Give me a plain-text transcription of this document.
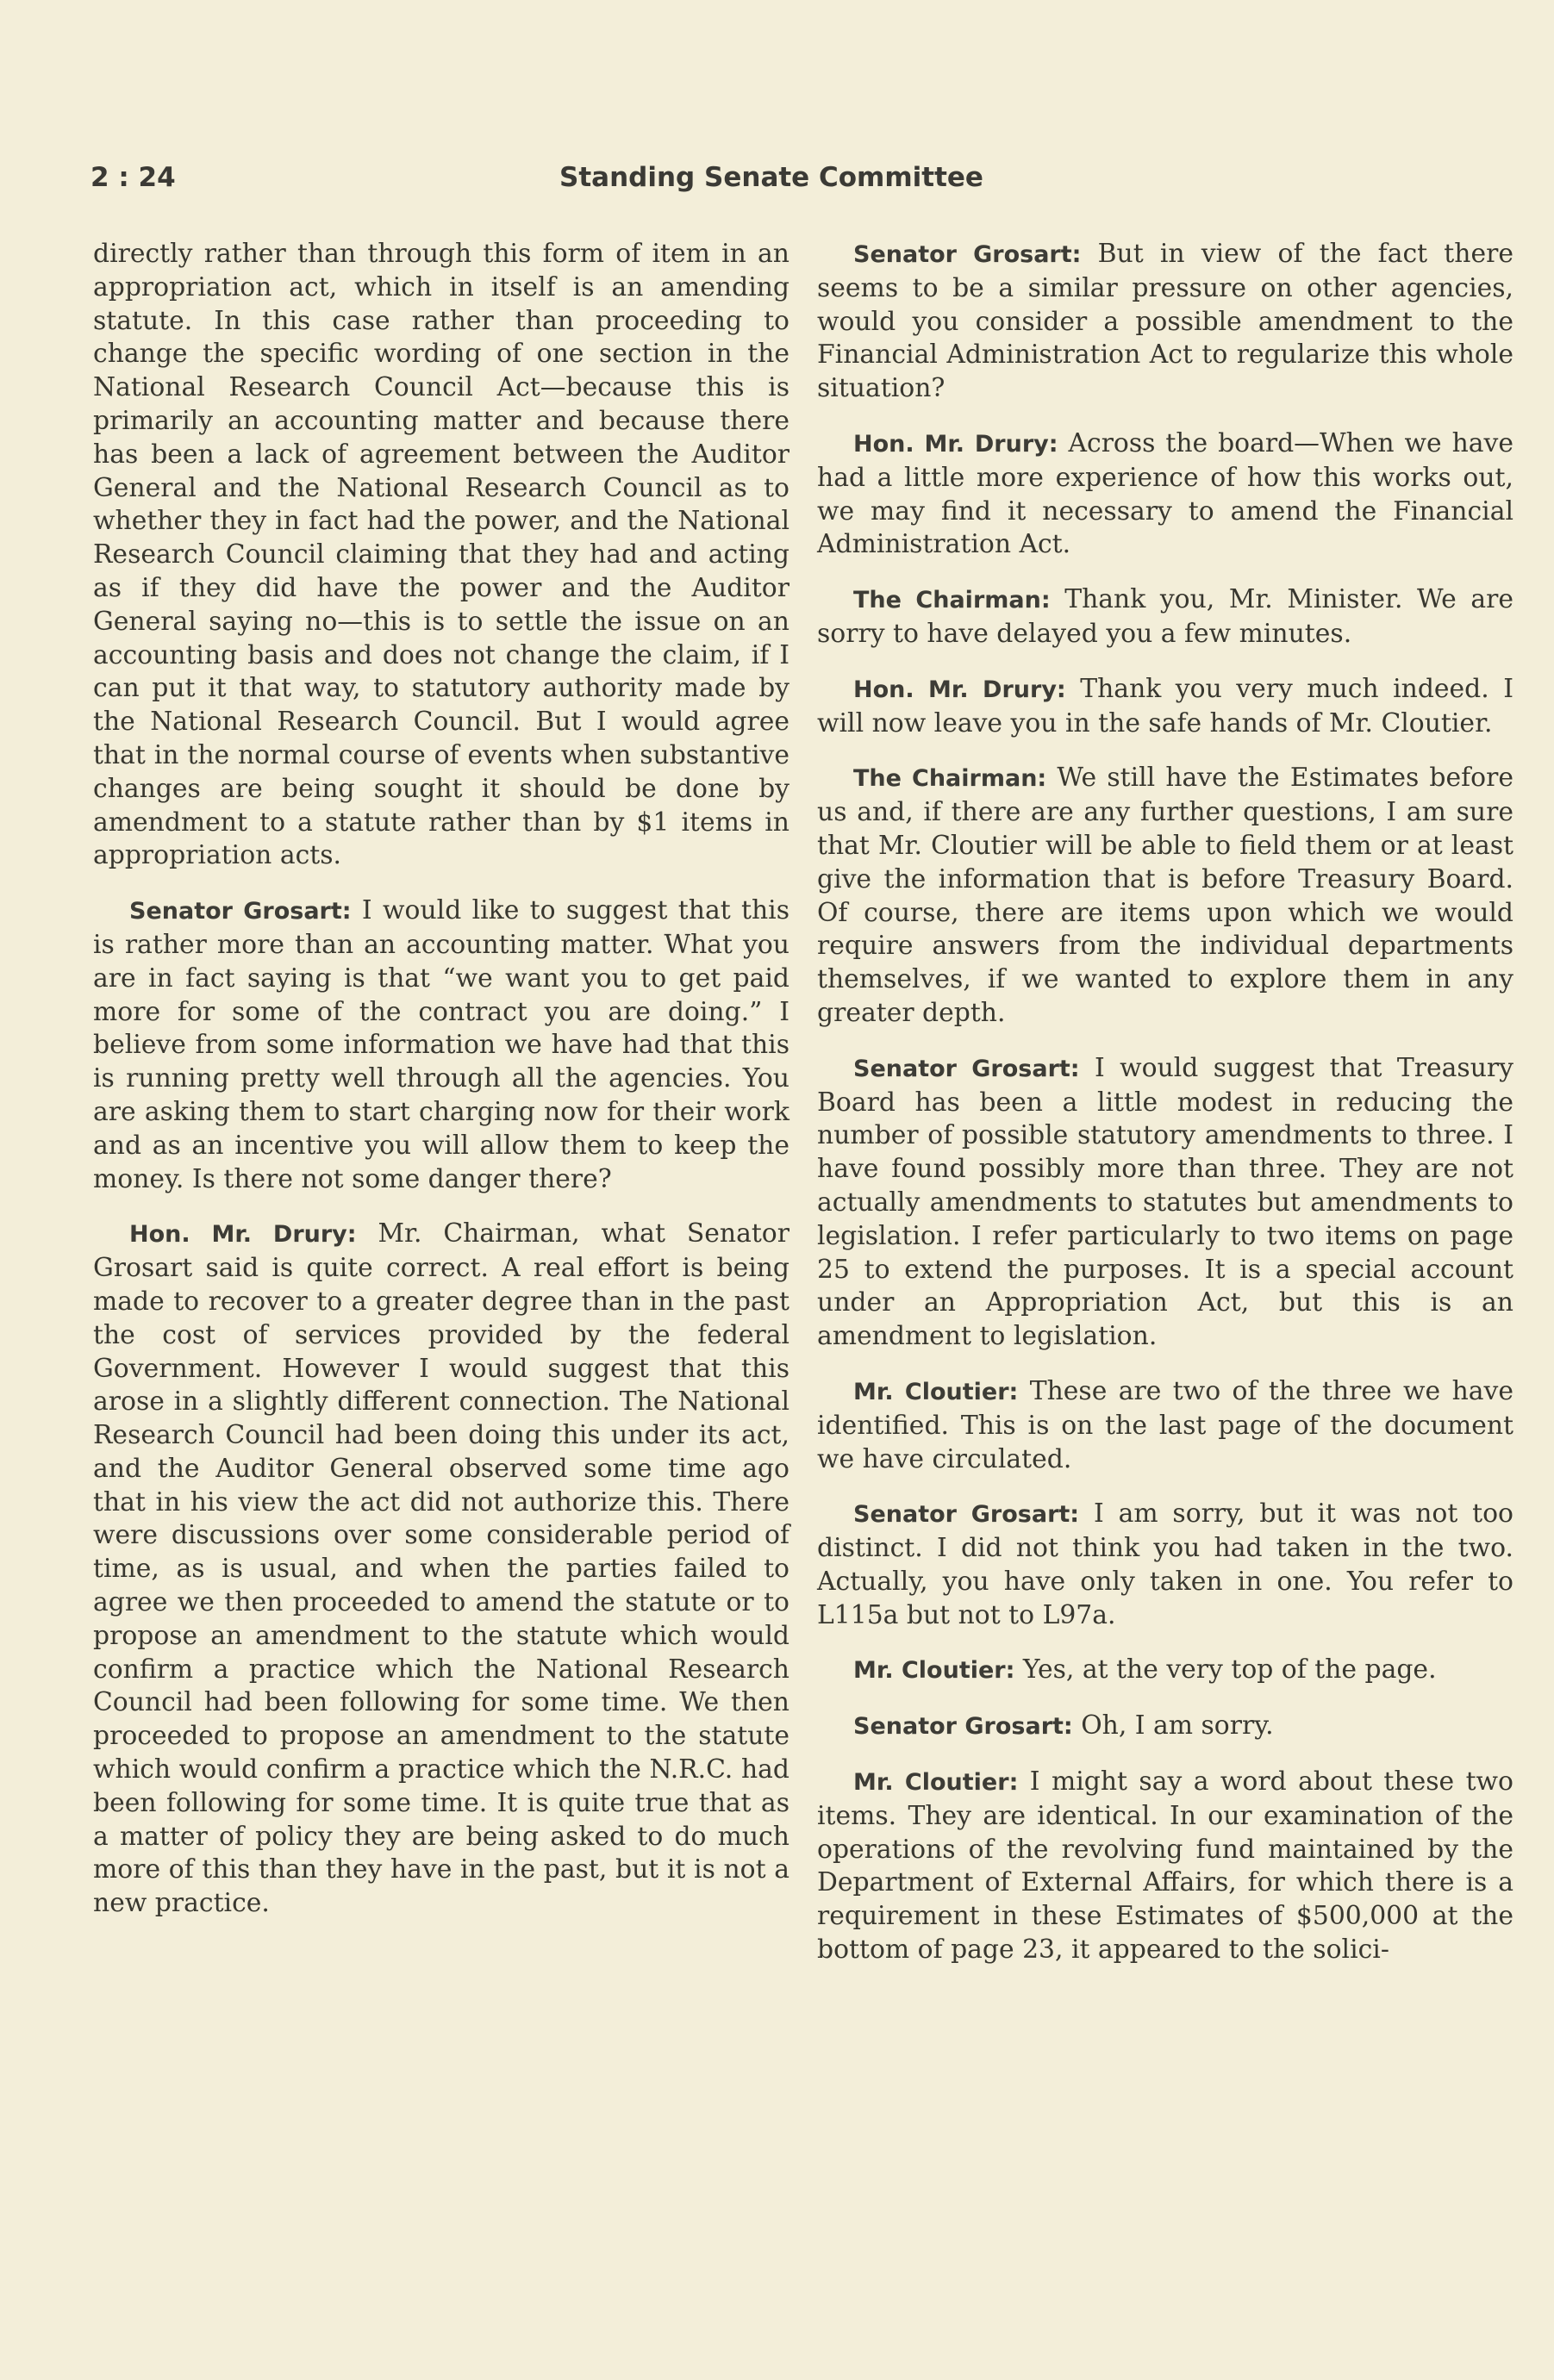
2 : 24	Standing Senate Committee

directly rather than through this form of item in an appropriation act, which in itself is an amending statute. In this case rather than proceeding to change the specific wording of one section in the National Research Council Act—because this is primarily an accounting matter and because there has been a lack of agreement between the Auditor General and the National Research Council as to whether they in fact had the power, and the National Research Council claiming that they had and acting as if they did have the power and the Auditor General saying no—this is to settle the issue on an accounting basis and does not change the claim, if I can put it that way, to statutory authority made by the National Research Council. But I would agree that in the normal course of events when substantive changes are being sought it should be done by amendment to a statute rather than by $1 items in appropriation acts.

Senator Grosart: I would like to suggest that this is rather more than an accounting matter. What you are in fact saying is that “we want you to get paid more for some of the contract you are doing.” I believe from some information we have had that this is running pretty well through all the agencies. You are asking them to start charging now for their work and as an incentive you will allow them to keep the money. Is there not some danger there?

Hon. Mr. Drury: Mr. Chairman, what Senator Grosart said is quite correct. A real effort is being made to recover to a greater degree than in the past the cost of services provided by the federal Government. However I would suggest that this arose in a slightly different connection. The National Research Council had been doing this under its act, and the Auditor General observed some time ago that in his view the act did not authorize this. There were discussions over some considerable period of time, as is usual, and when the parties failed to agree we then proceeded to amend the statute or to propose an amendment to the statute which would confirm a practice which the National Research Council had been following for some time. We then proceeded to propose an amendment to the statute which would confirm a practice which the N.R.C. had been following for some time. It is quite true that as a matter of policy they are being asked to do much more of this than they have in the past, but it is not a new practice.

Senator Grosart: But in view of the fact there seems to be a similar pressure on other agencies, would you consider a possible amendment to the Financial Administration Act to regularize this whole situation?

Hon. Mr. Drury: Across the board—When we have had a little more experience of how this works out, we may find it necessary to amend the Financial Administration Act.

The Chairman: Thank you, Mr. Minister. We are sorry to have delayed you a few minutes.

Hon. Mr. Drury: Thank you very much indeed. I will now leave you in the safe hands of Mr. Cloutier.

The Chairman: We still have the Estimates before us and, if there are any further questions, I am sure that Mr. Cloutier will be able to field them or at least give the information that is before Treasury Board. Of course, there are items upon which we would require answers from the individual departments themselves, if we wanted to explore them in any greater depth.

Senator Grosart: I would suggest that Treasury Board has been a little modest in reducing the number of possible statutory amendments to three. I have found possibly more than three. They are not actually amendments to statutes but amendments to legislation. I refer particularly to two items on page 25 to extend the purposes. It is a special account under an Appropriation Act, but this is an amendment to legislation.

Mr. Cloutier: These are two of the three we have identified. This is on the last page of the document we have circulated.

Senator Grosart: I am sorry, but it was not too distinct. I did not think you had taken in the two. Actually, you have only taken in one. You refer to L115a but not to L97a.

Mr. Cloutier: Yes, at the very top of the page.

Senator Grosart: Oh, I am sorry.

Mr. Cloutier: I might say a word about these two items. They are identical. In our examination of the operations of the revolving fund maintained by the Department of External Affairs, for which there is a requirement in these Estimates of $500,000 at the bottom of page 23, it appeared to the solici-
